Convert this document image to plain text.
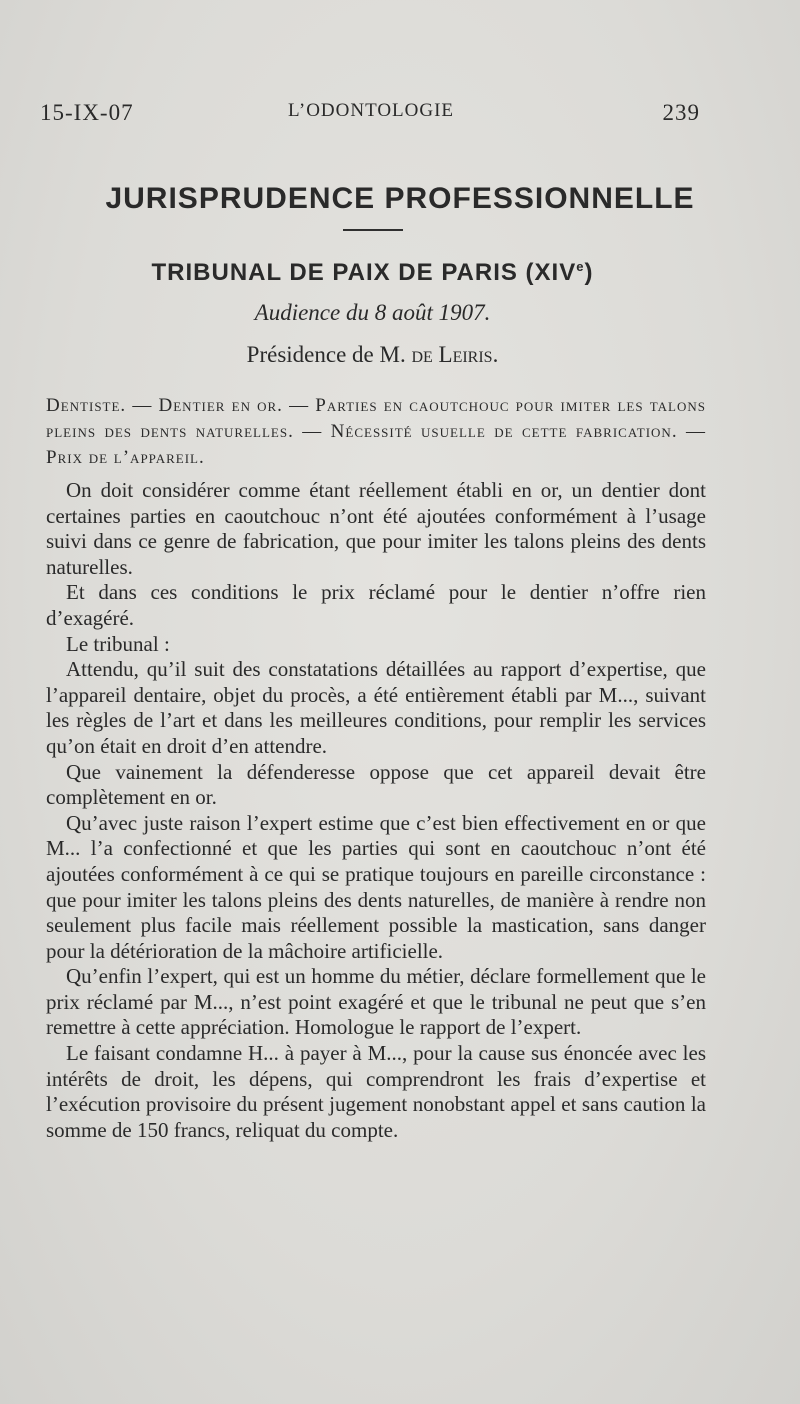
15-IX-07	L’ODONTOLOGIE	239
JURISPRUDENCE PROFESSIONNELLE
TRIBUNAL DE PAIX DE PARIS (XIVe)
Audience du 8 août 1907.
Présidence de M. de Leiris.

Dentiste. — Dentier en or. — Parties en caoutchouc pour imiter les talons pleins des dents naturelles. — Nécessité usuelle de cette fabrication. — Prix de l’appareil.

On doit considérer comme étant réellement établi en or, un dentier dont certaines parties en caoutchouc n’ont été ajoutées conformément à l’usage suivi dans ce genre de fabrication, que pour imiter les talons pleins des dents naturelles.

Et dans ces conditions le prix réclamé pour le dentier n’offre rien d’exagéré.

Le tribunal :

Attendu, qu’il suit des constatations détaillées au rapport d’expertise, que l’appareil dentaire, objet du procès, a été entièrement établi par M..., suivant les règles de l’art et dans les meilleures conditions, pour remplir les services qu’on était en droit d’en attendre.

Que vainement la défenderesse oppose que cet appareil devait être complètement en or.

Qu’avec juste raison l’expert estime que c’est bien effectivement en or que M... l’a confectionné et que les parties qui sont en caoutchouc n’ont été ajoutées conformément à ce qui se pratique toujours en pareille circonstance : que pour imiter les talons pleins des dents naturelles, de manière à rendre non seulement plus facile mais réellement possible la mastication, sans danger pour la détérioration de la mâchoire artificielle.

Qu’enfin l’expert, qui est un homme du métier, déclare formellement que le prix réclamé par M..., n’est point exagéré et que le tribunal ne peut que s’en remettre à cette appréciation. Homologue le rapport de l’expert.

Le faisant condamne H... à payer à M..., pour la cause sus énoncée avec les intérêts de droit, les dépens, qui comprendront les frais d’expertise et l’exécution provisoire du présent jugement nonobstant appel et sans caution la somme de 150 francs, reliquat du compte.
